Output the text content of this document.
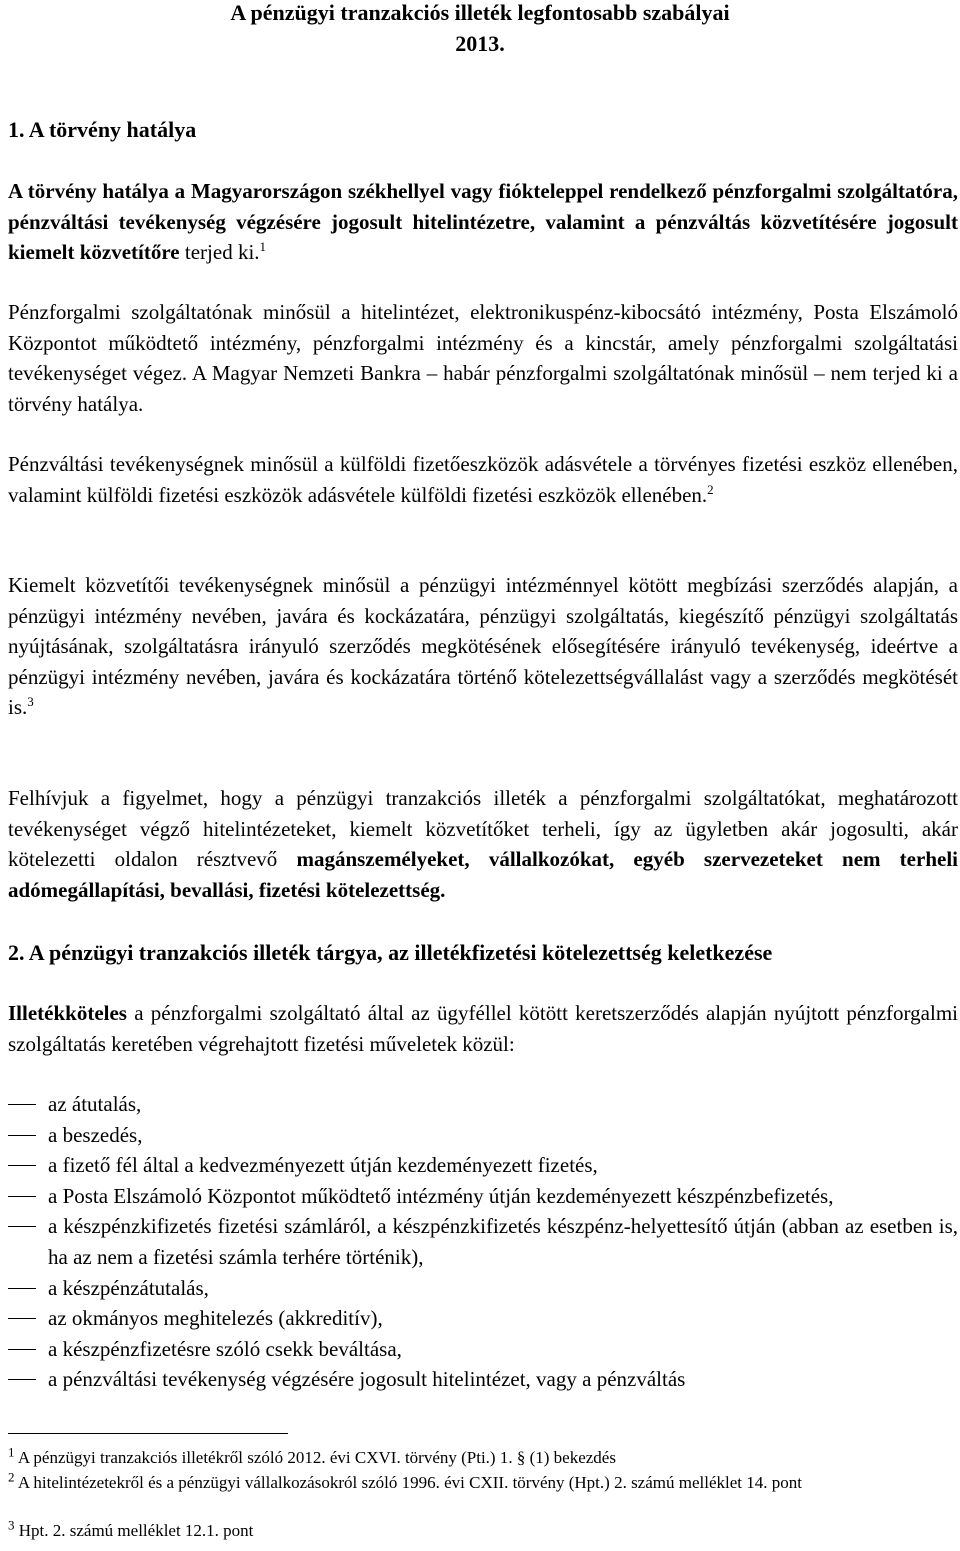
A pénzügyi tranzakciós illeték legfontosabb szabályai
2013.
1. A törvény hatálya

A törvény hatálya a Magyarországon székhellyel vagy fiókteleppel rendelkező pénzforgalmi szolgáltatóra, pénzváltási tevékenység végzésére jogosult hitelintézetre, valamint a pénzváltás közvetítésére jogosult kiemelt közvetítőre terjed ki.$^1$

Pénzforgalmi szolgáltatónak minősül a hitelintézet, elektronikuspénz-kibocsátó intézmény, Posta Elszámoló Központot működtető intézmény, pénzforgalmi intézmény és a kincstár, amely pénzforgalmi szolgáltatási tevékenységet végez. A Magyar Nemzeti Bankra – habár pénzforgalmi szolgáltatónak minősül – nem terjed ki a törvény hatálya.

Pénzváltási tevékenységnek minősül a külföldi fizetőeszközök adásvétele a törvényes fizetési eszköz ellenében, valamint külföldi fizetési eszközök adásvétele külföldi fizetési eszközök ellenében.$^2$

Kiemelt közvetítői tevékenységnek minősül a pénzügyi intézménnyel kötött megbízási szerződés alapján, a pénzügyi intézmény nevében, javára és kockázatára, pénzügyi szolgáltatás, kiegészítő pénzügyi szolgáltatás nyújtásának, szolgáltatásra irányuló szerződés megkötésének elősegítésére irányuló tevékenység, ideértve a pénzügyi intézmény nevében, javára és kockázatára történő kötelezettségvállalást vagy a szerződés megkötését is.$^3$

Felhívjuk a figyelmet, hogy a pénzügyi tranzakciós illeték a pénzforgalmi szolgáltatókat, meghatározott tevékenységet végző hitelintézeteket, kiemelt közvetítőket terheli, így az ügyletben akár jogosulti, akár kötelezetti oldalon résztvevő magánszemélyeket, vállalkozókat, egyéb szervezeteket nem terheli adómegállapítási, bevallási, fizetési kötelezettség.

2. A pénzügyi tranzakciós illeték tárgya, az illetékfizetési kötelezettség keletkezése

Illetékköteles a pénzforgalmi szolgáltató által az ügyféllel kötött keretszerződés alapján nyújtott pénzforgalmi szolgáltatás keretében végrehajtott fizetési műveletek közül:

az átutalás,
a beszedés,
a fizető fél által a kedvezményezett útján kezdeményezett fizetés,
a Posta Elszámoló Központot működtető intézmény útján kezdeményezett készpénzbefizetés,
a készpénzkifizetés fizetési számláról, a készpénzkifizetés készpénz-helyettesítő útján (abban az esetben is, ha az nem a fizetési számla terhére történik),
a készpénzátutalás,
az okmányos meghitelezés (akkreditív),
a készpénzfizetésre szóló csekk beváltása,
a pénzváltási tevékenység végzésére jogosult hitelintézet, vagy a pénzváltás

$^1$ A pénzügyi tranzakciós illetékről szóló 2012. évi CXVI. törvény (Pti.) 1. § (1) bekezdés

$^2$ A hitelintézetekről és a pénzügyi vállalkozásokról szóló 1996. évi CXII. törvény (Hpt.) 2. számú melléklet 14. pont

$^3$ Hpt. 2. számú melléklet 12.1. pont
